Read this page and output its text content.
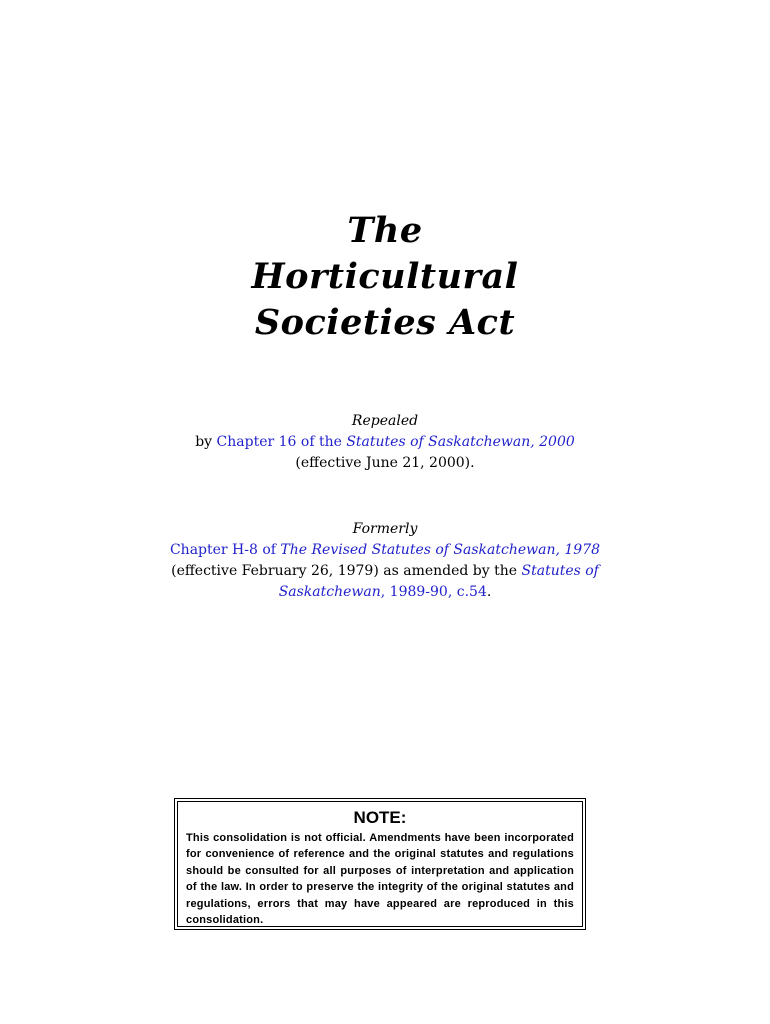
The
Horticultural
Societies Act
Repealed
by Chapter 16 of the Statutes of Saskatchewan, 2000
(effective June 21, 2000).
Formerly
Chapter H-8 of The Revised Statutes of Saskatchewan, 1978
(effective February 26, 1979) as amended by the Statutes of
Saskatchewan, 1989-90, c.54.
NOTE:
This consolidation is not official. Amendments have been incorporated for convenience of reference and the original statutes and regulations should be consulted for all purposes of interpretation and application of the law. In order to preserve the integrity of the original statutes and regulations, errors that may have appeared are reproduced in this consolidation.
